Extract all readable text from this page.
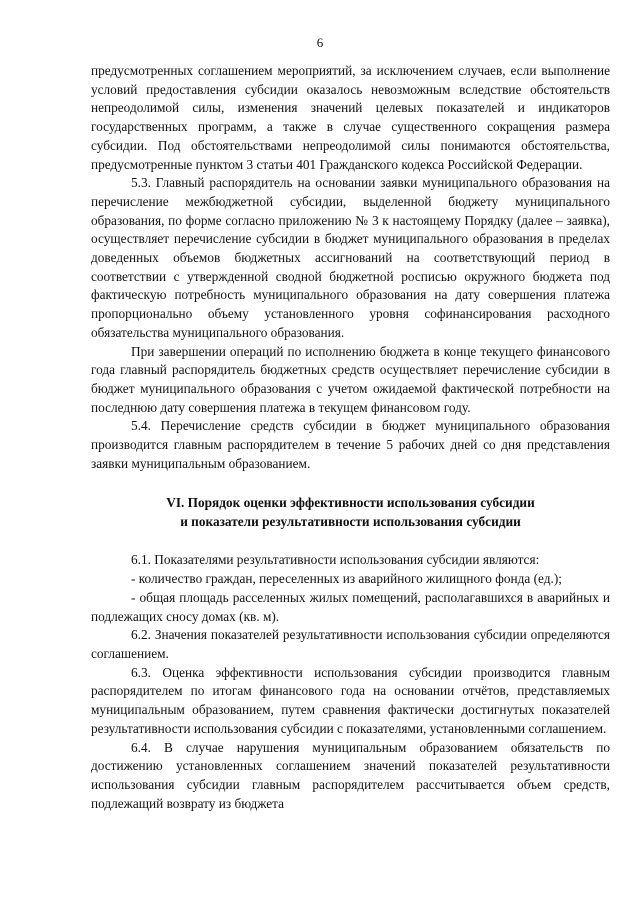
6

предусмотренных соглашением мероприятий, за исключением случаев, если выполнение условий предоставления субсидии оказалось невозможным вследствие обстоятельств непреодолимой силы, изменения значений целевых показателей и индикаторов государственных программ, а также в случае существенного сокращения размера субсидии. Под обстоятельствами непреодолимой силы понимаются обстоятельства, предусмотренные пунктом 3 статьи 401 Гражданского кодекса Российской Федерации.

5.3. Главный распорядитель на основании заявки муниципального образования на перечисление межбюджетной субсидии, выделенной бюджету муниципального образования, по форме согласно приложению № 3 к настоящему Порядку (далее – заявка), осуществляет перечисление субсидии в бюджет муниципального образования в пределах доведенных объемов бюджетных ассигнований на соответствующий период в соответствии с утвержденной сводной бюджетной росписью окружного бюджета под фактическую потребность муниципального образования на дату совершения платежа пропорционально объему установленного уровня софинансирования расходного обязательства муниципального образования.

При завершении операций по исполнению бюджета в конце текущего финансового года главный распорядитель бюджетных средств осуществляет перечисление субсидии в бюджет муниципального образования с учетом ожидаемой фактической потребности на последнюю дату совершения платежа в текущем финансовом году.

5.4. Перечисление средств субсидии в бюджет муниципального образования производится главным распорядителем в течение 5 рабочих дней со дня представления заявки муниципальным образованием.

VI. Порядок оценки эффективности использования субсидии
и показатели результативности использования субсидии

6.1. Показателями результативности использования субсидии являются:

- количество граждан, переселенных из аварийного жилищного фонда (ед.);

- общая площадь расселенных жилых помещений, располагавшихся в аварийных и подлежащих сносу домах (кв. м).

6.2. Значения показателей результативности использования субсидии определяются соглашением.

6.3. Оценка эффективности использования субсидии производится главным распорядителем по итогам финансового года на основании отчётов, представляемых муниципальным образованием, путем сравнения фактически достигнутых показателей результативности использования субсидии с показателями, установленными соглашением.

6.4. В случае нарушения муниципальным образованием обязательств по достижению установленных соглашением значений показателей результативности использования субсидии главным распорядителем рассчитывается объем средств, подлежащий возврату из бюджета
